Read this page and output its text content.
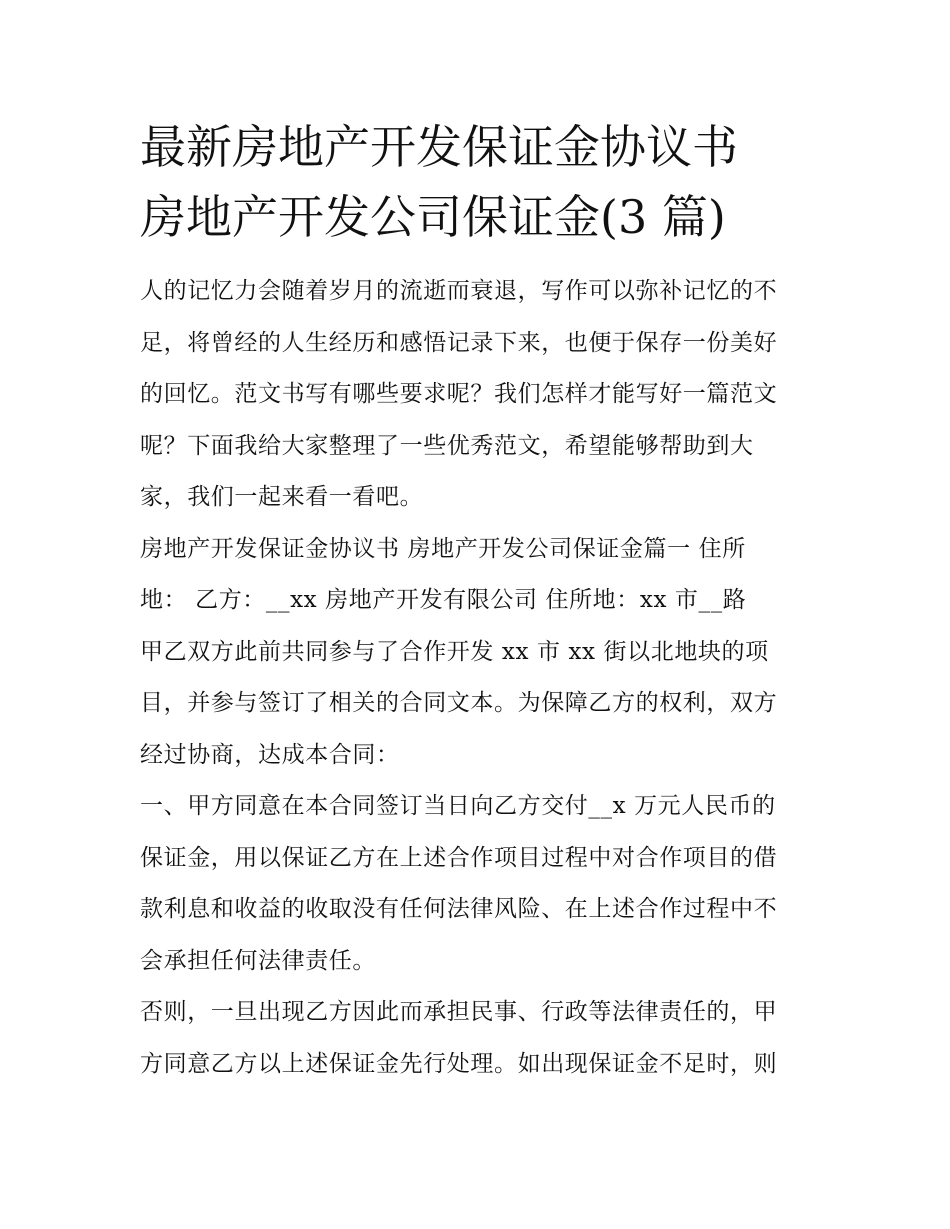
最新房地产开发保证金协议书
房地产开发公司保证金(3 篇)
人的记忆力会随着岁月的流逝而衰退，写作可以弥补记忆的不
足，将曾经的人生经历和感悟记录下来，也便于保存一份美好
的回忆。范文书写有哪些要求呢？我们怎样才能写好一篇范文
呢？下面我给大家整理了一些优秀范文，希望能够帮助到大
家，我们一起来看一看吧。
房地产开发保证金协议书 房地产开发公司保证金篇一 住所
地： 乙方：__xx 房地产开发有限公司 住所地：xx 市__路
甲乙双方此前共同参与了合作开发 xx 市 xx 街以北地块的项
目，并参与签订了相关的合同文本。为保障乙方的权利，双方
经过协商，达成本合同：
一、甲方同意在本合同签订当日向乙方交付__x 万元人民币的
保证金，用以保证乙方在上述合作项目过程中对合作项目的借
款利息和收益的收取没有任何法律风险、在上述合作过程中不
会承担任何法律责任。
否则，一旦出现乙方因此而承担民事、行政等法律责任的，甲
方同意乙方以上述保证金先行处理。如出现保证金不足时，则
